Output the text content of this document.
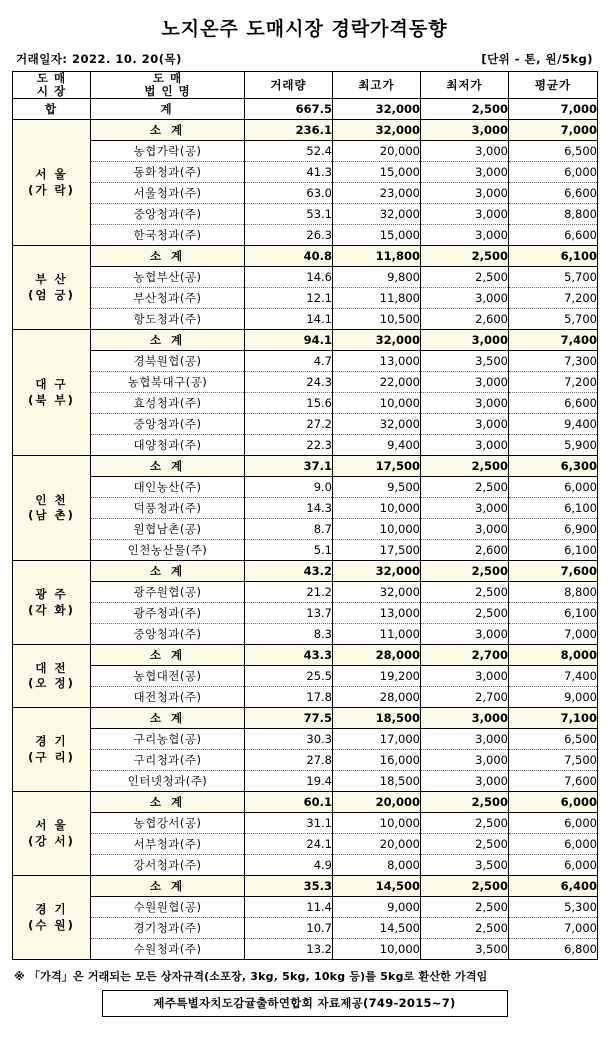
노지온주 도매시장 경락가격동향
거래일자: 2022. 10. 20(목)	[단위 - 톤, 원/5kg)
도 매
시 장

도 매
법 인 명	거래량	최고가	최저가	평균가
합	계	667.5	32,000	2,500	7,000

서 울
(가 락)	소 계	236.1	32,000	3,000	7,000
	농협가락(공)	52.4	20,000	3,000	6,500
	동화청과(주)	41.3	15,000	3,000	6,000
	서울청과(주)	63.0	23,000	3,000	6,600
	중앙청과(주)	53.1	32,000	3,000	8,800
	한국청과(주)	26.3	15,000	3,000	6,600

부 산
(엄 궁)	소 계	40.8	11,800	2,500	6,100
	농협부산(공)	14.6	9,800	2,500	5,700
	부산청과(주)	12.1	11,800	3,000	7,200
	항도청과(주)	14.1	10,500	2,600	5,700

대 구
(북 부)	소 계	94.1	32,000	3,000	7,400
	경북원협(공)	4.7	13,000	3,500	7,300
	농협북대구(공)	24.3	22,000	3,000	7,200
	효성청과(주)	15.6	10,000	3,000	6,600
	중앙청과(주)	27.2	32,000	3,000	9,400
	대양청과(주)	22.3	9,400	3,000	5,900

인 천
(남 촌)	소 계	37.1	17,500	2,500	6,300
	대인농산(주)	9.0	9,500	2,500	6,000
	덕풍청과(주)	14.3	10,000	3,000	6,100
	원협남촌(공)	8.7	10,000	3,000	6,900
	인천농산물(주)	5.1	17,500	2,600	6,100

광 주
(각 화)	소 계	43.2	32,000	2,500	7,600
	광주원협(공)	21.2	32,000	2,500	8,800
	광주청과(주)	13.7	13,000	2,500	6,100
	중앙청과(주)	8.3	11,000	3,000	7,000

대 전
(오 정)	소 계	43.3	28,000	2,700	8,000
	농협대전(공)	25.5	19,200	3,000	7,400
	대전청과(주)	17.8	28,000	2,700	9,000

경 기
(구 리)	소 계	77.5	18,500	3,000	7,100
	구리농협(공)	30.3	17,000	3,000	6,500
	구리청과(주)	27.8	16,000	3,000	7,500
	인터넷청과(주)	19.4	18,500	3,000	7,600

서 울
(강 서)	소 계	60.1	20,000	2,500	6,000
	농협강서(공)	31.1	10,000	2,500	6,000
	서부청과(주)	24.1	20,000	2,500	6,000
	강서청과(주)	4.9	8,000	3,500	6,000

경 기
(수 원)	소 계	35.3	14,500	2,500	6,400
	수원원협(공)	11.4	9,000	2,500	5,300
	경기청과(주)	10.7	14,500	2,500	7,000
	수원청과(주)	13.2	10,000	3,500	6,800
※ 「가격」은 거래되는 모든 상자규격(소포장, 3kg, 5kg, 10kg 등)를 5kg로 환산한 가격임
제주특별자치도감귤출하연합회 자료제공(749-2015~7)
